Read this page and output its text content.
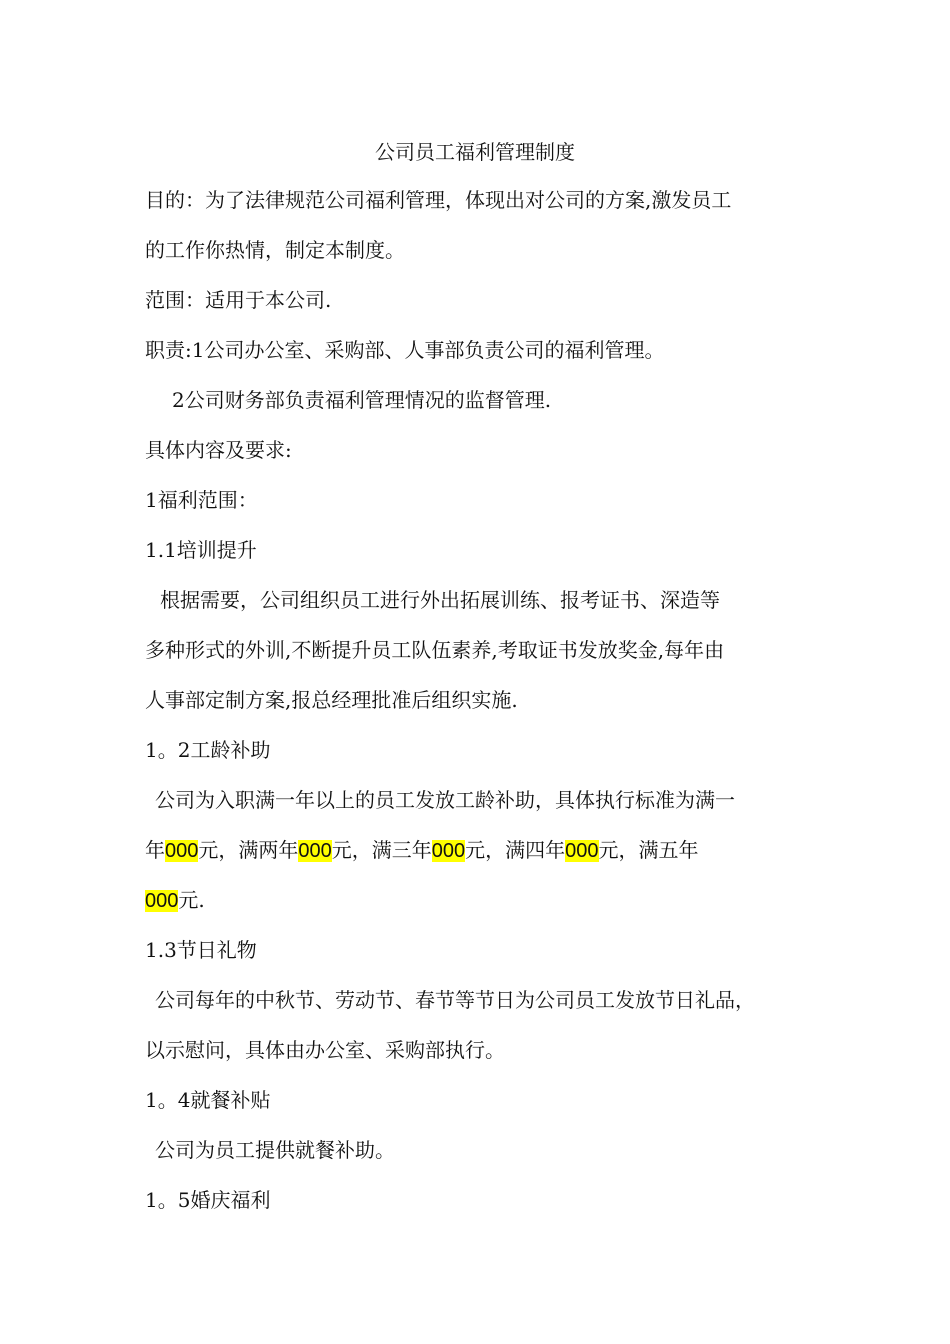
公司员工福利管理制度
目的：为了法律规范公司福利管理，体现出对公司的方案,激发员工
的工作你热情，制定本制度。
范围：适用于本公司.
职责:1公司办公室、采购部、人事部负责公司的福利管理。
2公司财务部负责福利管理情况的监督管理.
具体内容及要求:
1福利范围：
1.1培训提升
根据需要，公司组织员工进行外出拓展训练、报考证书、深造等
多种形式的外训,不断提升员工队伍素养,考取证书发放奖金,每年由
人事部定制方案,报总经理批准后组织实施.
1。2工龄补助
公司为入职满一年以上的员工发放工龄补助，具体执行标准为满一
年000元，满两年000元，满三年000元，满四年000元，满五年
000元.
1.3节日礼物
公司每年的中秋节、劳动节、春节等节日为公司员工发放节日礼品，
以示慰问，具体由办公室、采购部执行。
1。4就餐补贴
公司为员工提供就餐补助。
1。5婚庆福利
